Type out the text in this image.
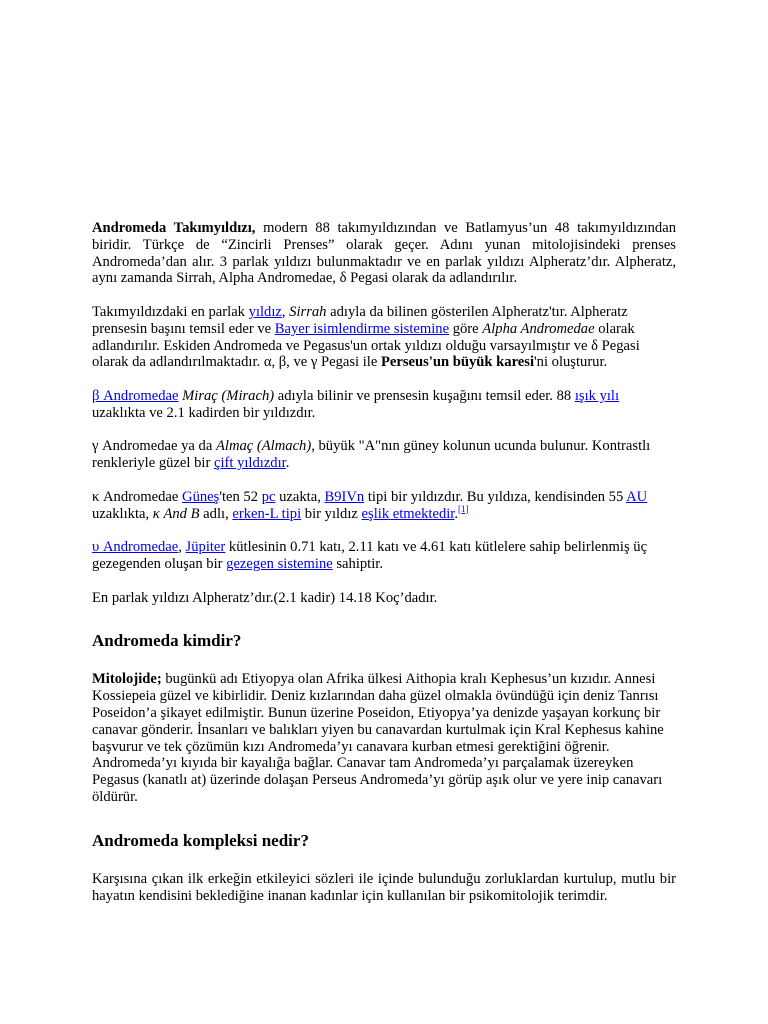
Andromeda Takımyıldızı, modern 88 takımyıldızından ve Batlamyus’un 48 takımyıldızından biridir. Türkçe de “Zincirli Prenses” olarak geçer. Adını yunan mitolojisindeki prenses Andromeda’dan alır. 3 parlak yıldızı bulunmaktadır ve en parlak yıldızı Alpheratz’dır. Alpheratz, aynı zamanda Sirrah, Alpha Andromedae, δ Pegasi olarak da adlandırılır.

Takımyıldızdaki en parlak yıldız, Sirrah adıyla da bilinen gösterilen Alpheratz'tır. Alpheratz prensesin başını temsil eder ve Bayer isimlendirme sistemine göre Alpha Andromedae olarak adlandırılır. Eskiden Andromeda ve Pegasus'un ortak yıldızı olduğu varsayılmıştır ve δ Pegasi olarak da adlandırılmaktadır. α, β, ve γ Pegasi ile Perseus'un büyük karesi'ni oluşturur.

β Andromedae Miraç (Mirach) adıyla bilinir ve prensesin kuşağını temsil eder. 88 ışık yılı uzaklıkta ve 2.1 kadirden bir yıldızdır.

γ Andromedae ya da Almaç (Almach), büyük "A"nın güney kolunun ucunda bulunur. Kontrastlı renkleriyle güzel bir çift yıldızdır.

κ Andromedae Güneş'ten 52 pc uzakta, B9IVn tipi bir yıldızdır. Bu yıldıza, kendisinden 55 AU uzaklıkta, κ And B adlı, erken-L tipi bir yıldız eşlik etmektedir.[1]

υ Andromedae, Jüpiter kütlesinin 0.71 katı, 2.11 katı ve 4.61 katı kütlelere sahip belirlenmiş üç gezegenden oluşan bir gezegen sistemine sahiptir.

En parlak yıldızı Alpheratz’dır.(2.1 kadir) 14.18 Koç’dadır.

Andromeda kimdir?

Mitolojide; bugünkü adı Etiyopya olan Afrika ülkesi Aithopia kralı Kephesus’un kızıdır. Annesi Kossiepeia güzel ve kibirlidir. Deniz kızlarından daha güzel olmakla övündüğü için deniz Tanrısı Poseidon’a şikayet edilmiştir. Bunun üzerine Poseidon, Etiyopya’ya denizde yaşayan korkunç bir canavar gönderir. İnsanları ve balıkları yiyen bu canavardan kurtulmak için Kral Kephesus kahine başvurur ve tek çözümün kızı Andromeda’yı canavara kurban etmesi gerektiğini öğrenir. Andromeda’yı kıyıda bir kayalığa bağlar. Canavar tam Andromeda’yı parçalamak üzereyken Pegasus (kanatlı at) üzerinde dolaşan Perseus Andromeda’yı görüp aşık olur ve yere inip canavarı öldürür.

Andromeda kompleksi nedir?

Karşısına çıkan ilk erkeğin etkileyici sözleri ile içinde bulunduğu zorluklardan kurtulup, mutlu bir hayatın kendisini beklediğine inanan kadınlar için kullanılan bir psikomitolojik terimdir.
